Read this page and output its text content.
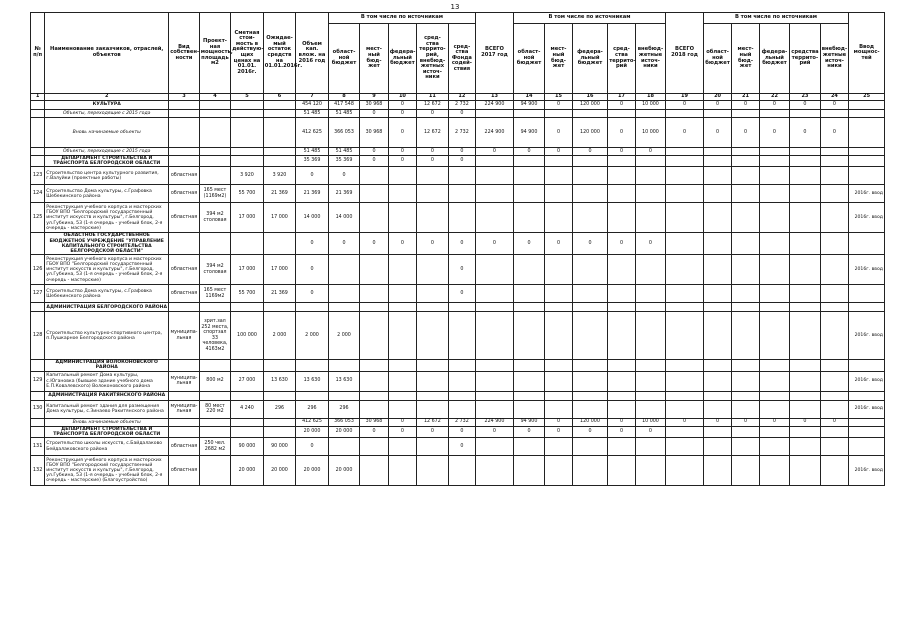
13
№ п/п	Наименование заказчиков, отраслей, объектов	Вид собствен-ности	Проект-ная мощность, площадь м2	Сметная стои-мость в действую-щих ценах на 01.01. 2016г.	Ожидае-мый остаток средств на 01.01.2016г.	Объем кап. влож. на 2016 год	В том числе по источникам					ВСЕГО 2017 год	В том числе по источникам					ВСЕГО 2018 год	В том числе по источникам					Ввод мощнос-тей
							област-ной бюджет	мест-ный бюд-жет	федера-льный бюджет	сред-ства террито-рий, внебюд-жетных источ-ники	сред-ства Фонда содей-ствия		област-ной бюджет	мест-ный бюд-жет	федера-льный бюджет	сред-ства террито-рий	внебюд-жетные источ-ники		област-ной бюджет	мест-ный бюд-жет	федера-льный бюджет	средства террито-рий	внебюд-жетные источ-ники	
1	2	3	4	5	6	7	8	9	10	11	12	13	14	15	16	17	18	19	20	21	22	23	24	25
	КУЛЬТУРА					454 120	417 548	30 968	0	12 672	2 732	224 900	94 900	0	120 000	0	10 000	0	0	0	0	0	0	
	Объекты, переходящие с 2015 года					51 485	51 485	0	0	0	0													
	Вновь начинаемые объекты					412 625	366 053	30 968	0	12 672	2 732	224 900	94 900	0	120 000	0	10 000	0	0	0	0	0	0	
	Объекты, переходящие с 2015 года					51 485	51 485	0	0	0	0	0	0	0	0	0	0							
	ДЕПАРТАМЕНТ СТРОИТЕЛЬСТВА И ТРАНСПОРТА БЕЛГОРОДСКОЙ ОБЛАСТИ					35 369	35 369	0	0	0	0													
123	Строительство центра культурного развития, г.Валуйки (проектные работы)	областная		3 920	3 920	0	0																	
124	Строительство Дома культуры, с.Графовка Шебекинского района	областная	165 мест (1169м2)	55 700	21 369	21 369	21 369																	2016г. ввод
125	Реконструкция учебного корпуса и мастерских ГБОУ ВПО "Белгородский государственный институт искусств и культуры", г.Белгород, ул.Губкина, 53 (1-я очередь - учебный блок, 2-я очередь - мастерские)	областная	394 м2 столовая	17 000	17 000	14 000	14 000																	2016г. ввод
	ОБЛАСТНОЕ ГОСУДАРСТВЕННОЕ БЮДЖЕТНОЕ УЧРЕЖДЕНИЕ "УПРАВЛЕНИЕ КАПИТАЛЬНОГО СТРОИТЕЛЬСТВА БЕЛГОРОДСКОЙ ОБЛАСТИ"					0	0	0	0	0	0	0	0	0	0	0	0							
126	Реконструкция учебного корпуса и мастерских ГБОУ ВПО "Белгородский государственный институт искусств и культуры", г.Белгород, ул.Губкина, 53 (1-я очередь - учебный блок, 2-я очередь - мастерские)	областная	394 м2 столовая	17 000	17 000	0					0													2016г. ввод
127	Строительство Дома культуры, с.Графовка Шебекинского района	областная	165 мест 1169м2	55 700	21 369	0					0													
	АДМИНИСТРАЦИЯ БЕЛГОРОДСКОГО РАЙОНА																							
128	Строительство культурно-спортивного центра, п.Пушкарное Белгородского района	муниципа-льная	зрит.зал 252 места, спортзал 33 человека, 4163м2	100 000	2 000	2 000	2 000																	2016г. ввод
	АДМИНИСТРАЦИЯ ВОЛОКОНОВСКОГО РАЙОНА																							
129	Капитальный ремонт Дома культуры, с.Югановка (бывшее здание учебного дома Е.П.Ковалевского) Волоконовского района	муниципа-льная	800 м2	27 000	13 630	13 630	13 630																	2016г. ввод
	АДМИНИСТРАЦИЯ РАКИТЯНСКОГО РАЙОНА																							
130	Капитальный ремонт здания для размещения Дома культуры, с.Зинаево Ракитянского района	муниципа-льная	80 мест 220 м2	4 240	296	296	296																	2016г. ввод
	Вновь начинаемые объекты					412 625	366 053	30 968	0	12 672	2 732	224 900	94 900	0	120 000	0	10 000	0	0	0	0	0	0	
	ДЕПАРТАМЕНТ СТРОИТЕЛЬСТВА И ТРАНСПОРТА БЕЛГОРОДСКОЙ ОБЛАСТИ					20 000	20 000	0	0	0	0	0	0	0	0	0	0							
131	Строительство школы искусств, с.Байдалаково Бейдалаковского района	областная	250 чел. 2682 м2	90 000	90 000	0					0													
132	Реконструкция учебного корпуса и мастерских ГБОУ ВПО "Белгородский государственный институт искусств и культуры", г.Белгород, ул.Губкина, 53 (1-я очередь - учебный блок, 2-я очередь - мастерские) (Благоустройство)	областная		20 000	20 000	20 000	20 000																	2016г. ввод
